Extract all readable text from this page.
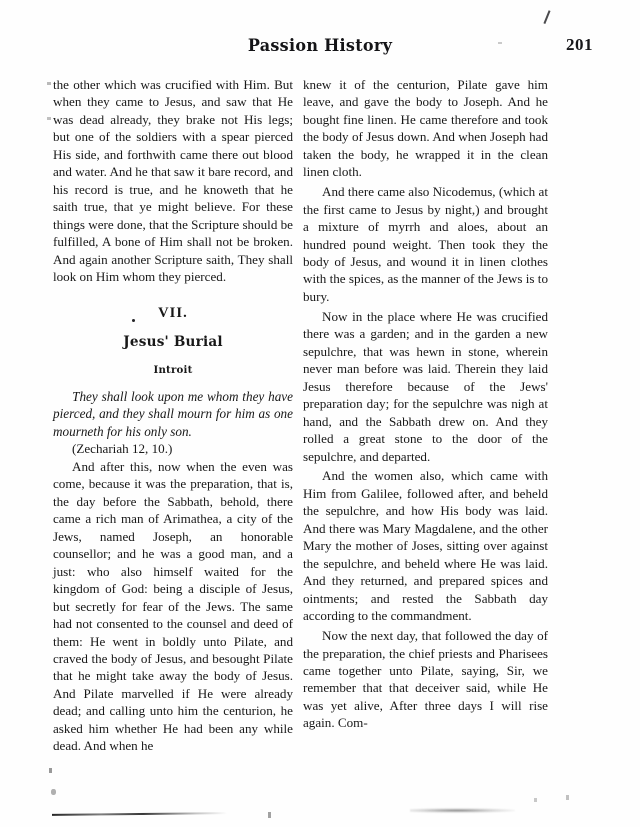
Passion History	201

the other which was crucified with Him. But when they came to Jesus, and saw that He was dead already, they brake not His legs; but one of the soldiers with a spear pierced His side, and forthwith came there out blood and water. And he that saw it bare record, and his record is true, and he knoweth that he saith true, that ye might believe. For these things were done, that the Scripture should be fulfilled, A bone of Him shall not be broken. And again another Scripture saith, They shall look on Him whom they pierced.

VII.
Jesus' Burial
Introit

They shall look upon me whom they have pierced, and they shall mourn for him as one mourneth for his only son.

(Zechariah 12, 10.)

And after this, now when the even was come, because it was the preparation, that is, the day before the Sabbath, behold, there came a rich man of Arimathea, a city of the Jews, named Joseph, an honorable counsellor; and he was a good man, and a just: who also himself waited for the kingdom of God: being a disciple of Jesus, but secretly for fear of the Jews. The same had not consented to the counsel and deed of them: He went in boldly unto Pilate, and craved the body of Jesus, and besought Pilate that he might take away the body of Jesus. And Pilate marvelled if He were already dead; and calling unto him the centurion, he asked him whether He had been any while dead. And when he

knew it of the centurion, Pilate gave him leave, and gave the body to Joseph. And he bought fine linen. He came therefore and took the body of Jesus down. And when Joseph had taken the body, he wrapped it in the clean linen cloth.

And there came also Nicodemus, (which at the first came to Jesus by night,) and brought a mixture of myrrh and aloes, about an hundred pound weight. Then took they the body of Jesus, and wound it in linen clothes with the spices, as the manner of the Jews is to bury.

Now in the place where He was crucified there was a garden; and in the garden a new sepulchre, that was hewn in stone, wherein never man before was laid. Therein they laid Jesus therefore because of the Jews' preparation day; for the sepulchre was nigh at hand, and the Sabbath drew on. And they rolled a great stone to the door of the sepulchre, and departed.

And the women also, which came with Him from Galilee, followed after, and beheld the sepulchre, and how His body was laid. And there was Mary Magdalene, and the other Mary the mother of Joses, sitting over against the sepulchre, and beheld where He was laid. And they returned, and prepared spices and ointments; and rested the Sabbath day according to the commandment.

Now the next day, that followed the day of the preparation, the chief priests and Pharisees came together unto Pilate, saying, Sir, we remember that that deceiver said, while He was yet alive, After three days I will rise again. Com-
